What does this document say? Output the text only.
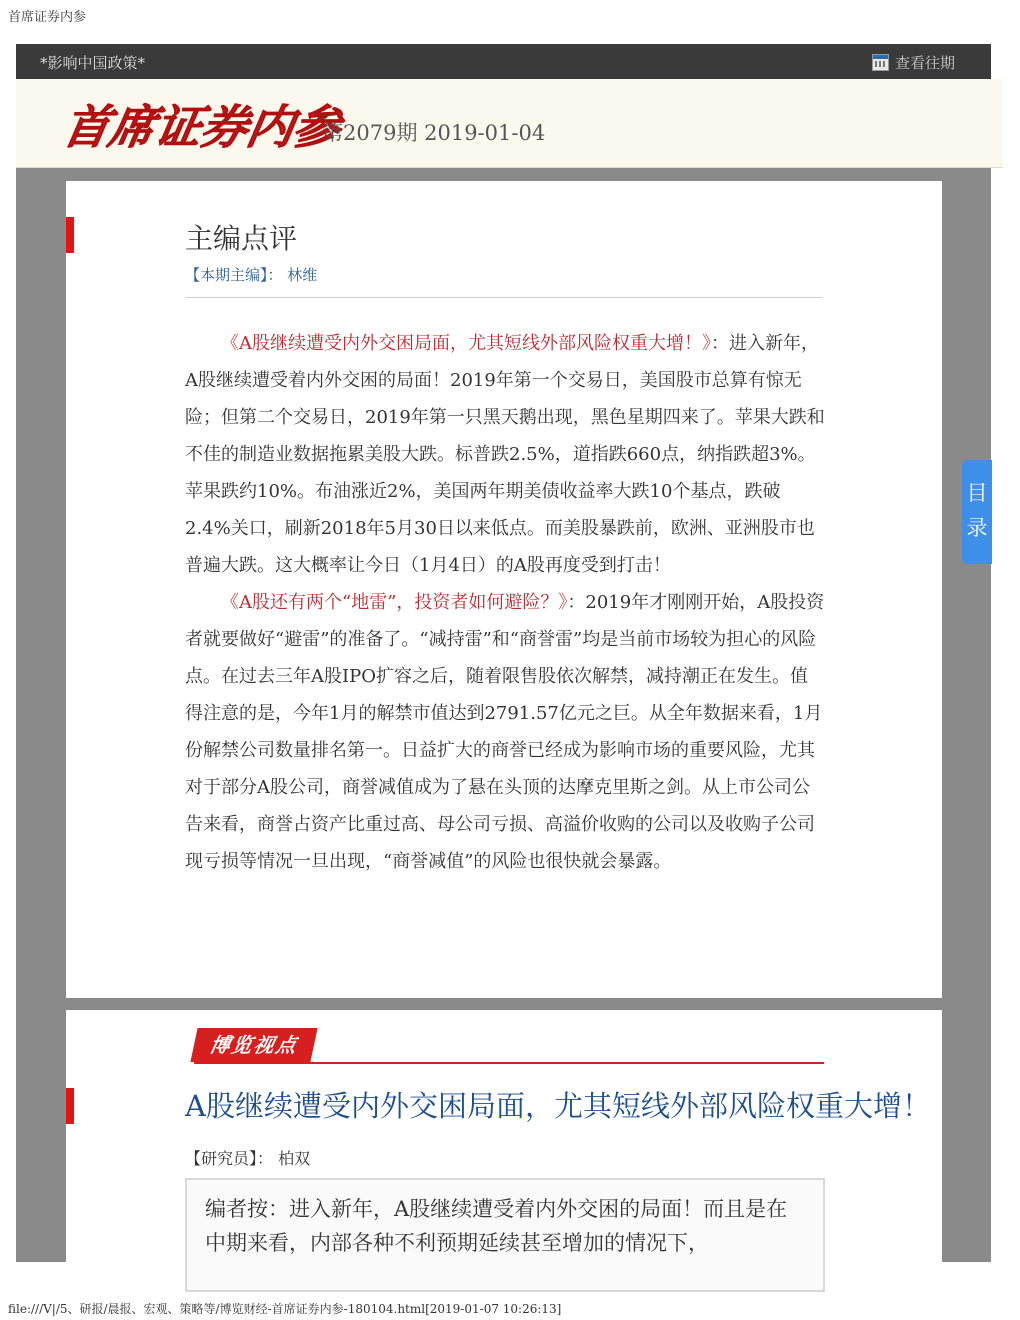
首席证券内参
*影响中国政策*	查看往期
首席证券内参
第2079期 2019-01-04
主编点评
【本期主编】： 林维

《A股继续遭受内外交困局面，尤其短线外部风险权重大增！》：进入新年，A股继续遭受着内外交困的局面！2019年第一个交易日，美国股市总算有惊无险；但第二个交易日，2019年第一只黑天鹅出现，黑色星期四来了。苹果大跌和不佳的制造业数据拖累美股大跌。标普跌2.5%，道指跌660点，纳指跌超3%。苹果跌约10%。布油涨近2%，美国两年期美债收益率大跌10个基点，跌破2.4%关口，刷新2018年5月30日以来低点。而美股暴跌前，欧洲、亚洲股市也普遍大跌。这大概率让今日（1月4日）的A股再度受到打击！

《A股还有两个“地雷”，投资者如何避险？》：2019年才刚刚开始，A股投资者就要做好“避雷”的准备了。“减持雷”和“商誉雷”均是当前市场较为担心的风险点。在过去三年A股IPO扩容之后，随着限售股依次解禁，减持潮正在发生。值得注意的是，今年1月的解禁市值达到2791.57亿元之巨。从全年数据来看，1月份解禁公司数量排名第一。日益扩大的商誉已经成为影响市场的重要风险，尤其对于部分A股公司，商誉减值成为了悬在头顶的达摩克里斯之剑。从上市公司公告来看，商誉占资产比重过高、母公司亏损、高溢价收购的公司以及收购子公司现亏损等情况一旦出现，“商誉减值”的风险也很快就会暴露。

博览视点
A股继续遭受内外交困局面，尤其短线外部风险权重大增！
【研究员】： 柏双
编者按：进入新年，A股继续遭受着内外交困的局面！而且是在中期来看，内部各种不利预期延续甚至增加的情况下，
目
录
file:///V|/5、研报/晨报、宏观、策略等/博览财经-首席证券内参-180104.html[2019-01-07 10:26:13]
